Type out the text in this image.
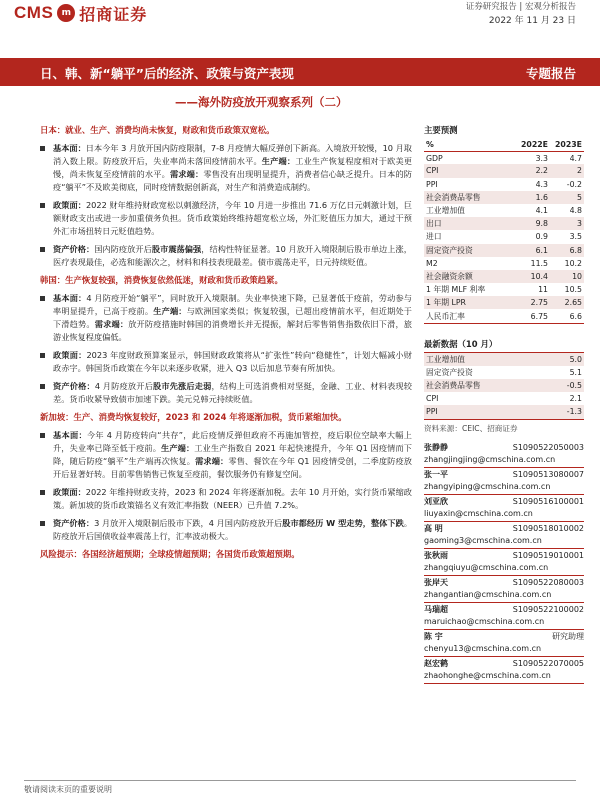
CMS m 招商证券	证券研究报告 | 宏观分析报告
2022 年 11 月 23 日
日、韩、新“躺平”后的经济、政策与资产表现	专题报告
——海外防疫放开观察系列（二）
日本：就业、生产、消费均尚未恢复，财政和货币政策双宽松。
基本面：日本今年 3 月放开国内防疫限制，7-8 月疫情大幅反弹创下新高。入境放开较慢，10 月取消入数上限。防疫放开后，失业率尚未落回疫情前水平。生产端：工业生产恢复程度相对于欧美更慢，尚未恢复至疫情前的水平。需求端：零售没有出现明显提升，消费者信心缺乏提升。日本的防疫“躺平”不及欧美彻底，同时疫情数据创新高，对生产和消费造成制约。
政策面：2022 财年维持财政宽松以刺激经济，今年 10 月进一步推出 71.6 万亿日元刺激计划，巨额财政支出或进一步加重债务负担。货币政策始终维持超宽松立场，外汇贬值压力加大，通过干预外汇市场扭转日元贬值趋势。
资产价格：国内防疫放开后股市震荡偏强，结构性特征显著。10 月放开入境限制后股市单边上涨，医疗表现最佳，必选和能源次之，材料和科技表现最差。债市震荡走平，日元持续贬值。
韩国：生产恢复较强，消费恢复依然低迷，财政和货币政策趋紧。
基本面：4 月防疫开始“躺平”，同时放开入境限制。失业率快速下降，已显著低于疫前，劳动参与率明显提升，已高于疫前。生产端：与欧洲国家类似；恢复较强，已超出疫情前水平，但近期处于下滑趋势。需求端：放开防疫措施时韩国的消费增长并无提振，解封后零售销售指数依旧下滑，旅游业恢复程度偏低。
政策面：2023 年度财政预算案显示，韩国财政政策将从“扩张性”转向“稳健性”，计划大幅减小财政赤字。韩国货币政策在今年以来逐步收紧，进入 Q3 以后加息节奏有所加快。
资产价格：4 月防疫放开后股市先涨后走弱，结构上可选消费相对坚挺，金融、工业、材料表现较差。货币收紧导致债市加速下跌。美元兑韩元持续贬值。
新加坡：生产、消费均恢复较好，2023 和 2024 年将逐渐加税，货币紧缩加快。
基本面：今年 4 月防疫转向“共存”，此后疫情反弹但政府不再施加管控，疫后职位空缺率大幅上升，失业率已降至低于疫前。生产端：工业生产指数自 2021 年起快速提升，今年 Q1 因疫情而下降，随后防疫“躺平”生产端再次恢复。需求端：零售、餐饮在今年 Q1 因疫情受创，二季度防疫放开后显著好转。目前零售销售已恢复至疫前，餐饮服务仍有修复空间。
政策面：2022 年维持财政支持，2023 和 2024 年将逐渐加税。去年 10 月开始，实行货币紧缩政策。新加坡的货币政策锚名义有效汇率指数（NEER）已升值 7.2%。
资产价格：3 月放开入境限制后股市下跌，4 月国内防疫放开后股市都经历 W 型走势，整体下跌。防疫放开后国债收益率震荡上行，汇率波动极大。
风险提示：各国经济超预期；全球疫情超预期；各国货币政策超预期。
主要预测
%	2022E	2023E
GDP	3.3	4.7
CPI	2.2	2
PPI	4.3	-0.2
社会消费品零售	1.6	5
工业增加值	4.1	4.8
出口	9.8	3
进口	0.9	3.5
固定资产投资	6.1	6.8
M2	11.5	10.2
社会融资余额	10.4	10
1 年期 MLF 利率	11	10.5
1 年期 LPR	2.75	2.65
人民币汇率	6.75	6.6
最新数据（10 月）
工业增加值	5.0
固定资产投资	5.1
社会消费品零售	-0.5
CPI	2.1
PPI	-1.3
资料来源：CEIC、招商证券
张静静	S1090522050003
zhangjingjing@cmschina.com.cn
张一平	S1090513080007
zhangyiping@cmschina.com.cn
刘亚欣	S1090516100001
liuyaxin@cmschina.com.cn
高 明	S1090518010002
gaoming3@cmschina.com.cn
张秋雨	S1090519010001
zhangqiuyu@cmschina.com.cn
张岸天	S1090522080003
zhangantian@cmschina.com.cn
马瑞超	S1090522100002
maruichao@cmschina.com.cn
陈 宇	研究助理
chenyu13@cmschina.com.cn
赵宏鹤	S1090522070005
zhaohonghe@cmschina.com.cn
敬请阅读末页的重要说明
